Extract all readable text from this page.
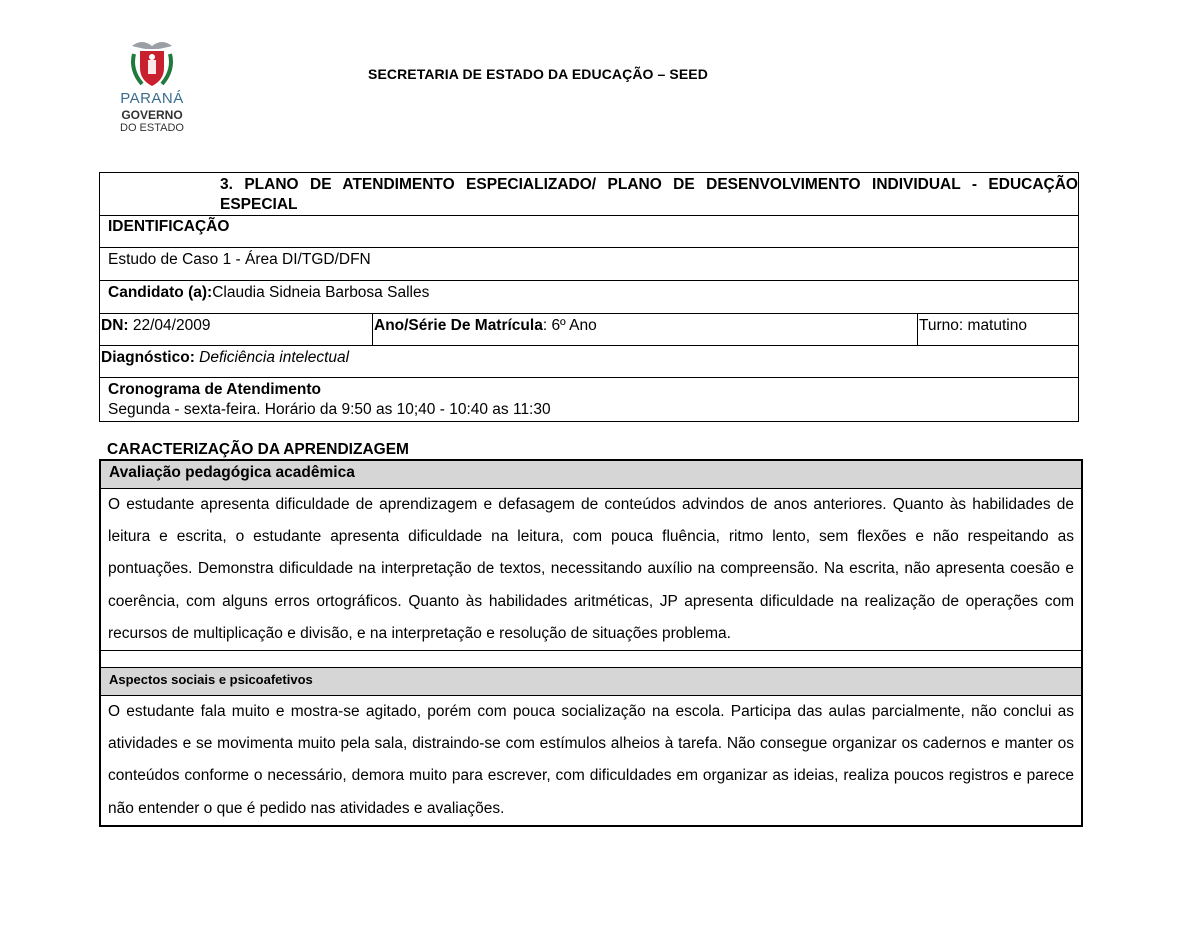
PARANÁ
GOVERNO
DO ESTADO
SECRETARIA DE ESTADO DA EDUCAÇÃO – SEED
3. PLANO DE ATENDIMENTO ESPECIALIZADO/ PLANO DE DESENVOLVIMENTO INDIVIDUAL - EDUCAÇÃO ESPECIAL
IDENTIFICAÇÃO
Estudo de Caso 1 - Área DI/TGD/DFN
Candidato (a):Claudia Sidneia Barbosa Salles
DN: 22/04/2009	Ano/Série De Matrícula: 6º Ano	Turno: matutino
Diagnóstico: Deficiência intelectual

Cronograma de Atendimento
Segunda - sexta-feira. Horário da 9:50 as 10;40 - 10:40 as 11:30
CARACTERIZAÇÃO DA APRENDIZAGEM
Avaliação pedagógica acadêmica
O estudante apresenta dificuldade de aprendizagem e defasagem de conteúdos advindos de anos anteriores. Quanto às habilidades de leitura e escrita, o estudante apresenta dificuldade na leitura, com pouca fluência, ritmo lento, sem flexões e não respeitando as pontuações. Demonstra dificuldade na interpretação de textos, necessitando auxílio na compreensão. Na escrita, não apresenta coesão e coerência, com alguns erros ortográficos. Quanto às habilidades aritméticas, JP apresenta dificuldade na realização de operações com recursos de multiplicação e divisão, e na interpretação e resolução de situações problema.
Aspectos sociais e psicoafetivos
O estudante fala muito e mostra-se agitado, porém com pouca socialização na escola. Participa das aulas parcialmente, não conclui as atividades e se movimenta muito pela sala, distraindo-se com estímulos alheios à tarefa. Não consegue organizar os cadernos e manter os conteúdos conforme o necessário, demora muito para escrever, com dificuldades em organizar as ideias, realiza poucos registros e parece não entender o que é pedido nas atividades e avaliações.
